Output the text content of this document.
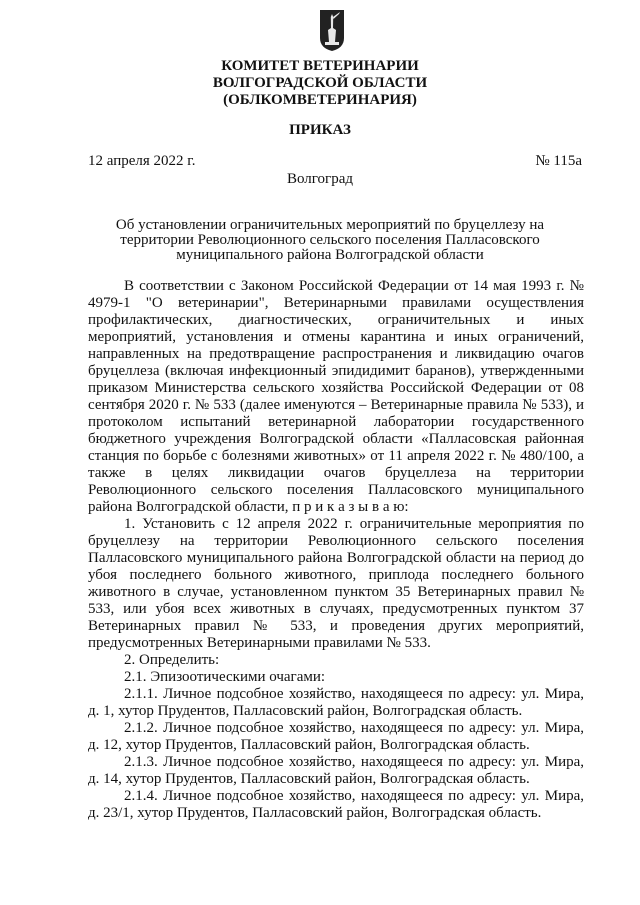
КОМИТЕТ ВЕТЕРИНАРИИ
ВОЛГОГРАДСКОЙ ОБЛАСТИ
(ОБЛКОМВЕТЕРИНАРИЯ)
ПРИКАЗ
12 апреля 2022 г.	№ 115а
Волгоград
Об установлении ограничительных мероприятий по бруцеллезу на
территории Революционного сельского поселения Палласовского
муниципального района Волгоградской области

В соответствии с Законом Российской Федерации от 14 мая 1993 г. № 4979-1 "О ветеринарии", Ветеринарными правилами осуществления профилактических, диагностических, ограничительных и иных мероприятий, установления и отмены карантина и иных ограничений, направленных на предотвращение распространения и ликвидацию очагов бруцеллеза (включая инфекционный эпидидимит баранов), утвержденными приказом Министерства сельского хозяйства Российской Федерации от 08 сентября 2020 г. № 533 (далее именуются – Ветеринарные правила № 533), и протоколом испытаний ветеринарной лаборатории государственного бюджетного учреждения Волгоградской области «Палласовская районная станция по борьбе с болезнями животных» от 11 апреля 2022 г. № 480/100, а также в целях ликвидации очагов бруцеллеза на территории Революционного сельского поселения Палласовского муниципального района Волгоградской области, п р и к а з ы в а ю:

1. Установить с 12 апреля 2022 г. ограничительные мероприятия по бруцеллезу на территории Революционного сельского поселения Палласовского муниципального района Волгоградской области на период до убоя последнего больного животного, приплода последнего больного животного в случае, установленном пунктом 35 Ветеринарных правил № 533, или убоя всех животных в случаях, предусмотренных пунктом 37 Ветеринарных правил № 533, и проведения других мероприятий, предусмотренных Ветеринарными правилами № 533.

2. Определить:

2.1. Эпизоотическими очагами:

2.1.1. Личное подсобное хозяйство, находящееся по адресу: ул. Мира, д. 1, хутор Прудентов, Палласовский район, Волгоградская область.

2.1.2. Личное подсобное хозяйство, находящееся по адресу: ул. Мира, д. 12, хутор Прудентов, Палласовский район, Волгоградская область.

2.1.3. Личное подсобное хозяйство, находящееся по адресу: ул. Мира, д. 14, хутор Прудентов, Палласовский район, Волгоградская область.

2.1.4. Личное подсобное хозяйство, находящееся по адресу: ул. Мира, д. 23/1, хутор Прудентов, Палласовский район, Волгоградская область.
